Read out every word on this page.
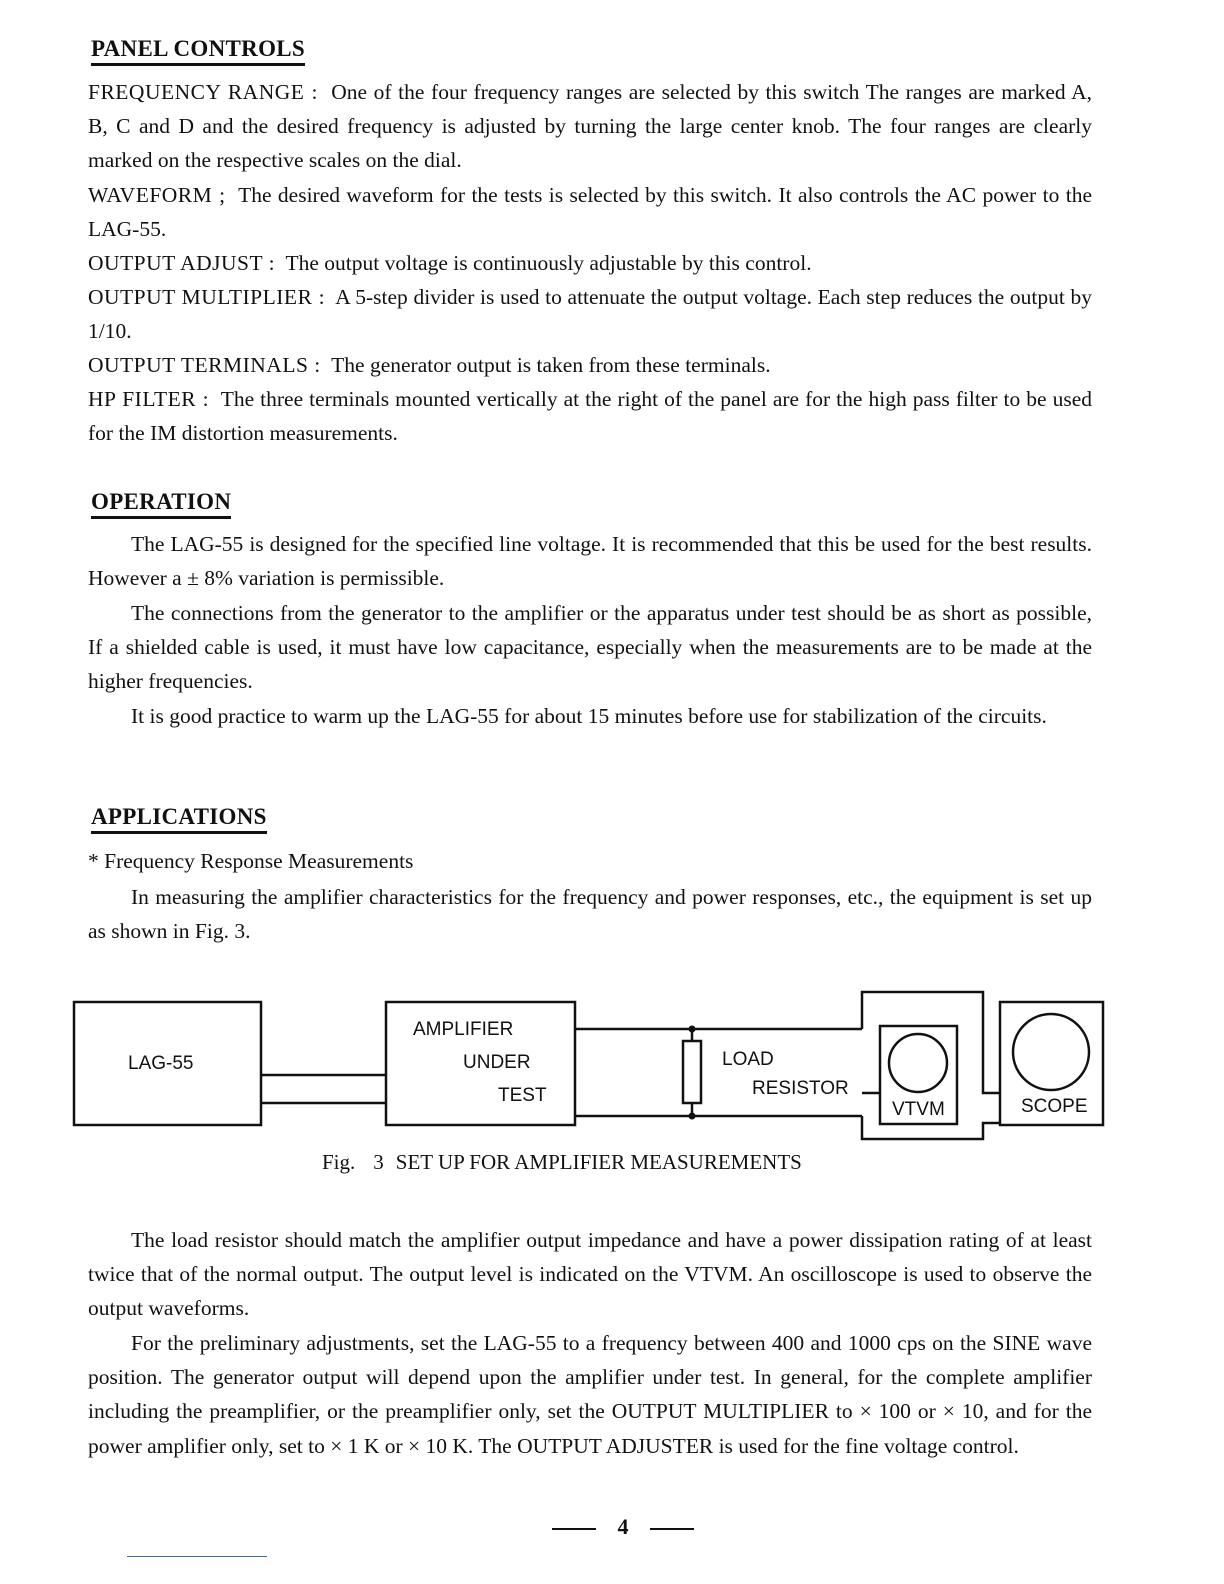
PANEL CONTROLS

FREQUENCY RANGE : One of the four frequency ranges are selected by this switch The ranges are marked A, B, C and D and the desired frequency is adjusted by turning the large center knob. The four ranges are clearly marked on the respective scales on the dial.

WAVEFORM ; The desired waveform for the tests is selected by this switch. It also controls the AC power to the LAG-55.

OUTPUT ADJUST : The output voltage is continuously adjustable by this control.

OUTPUT MULTIPLIER : A 5-step divider is used to attenuate the output voltage. Each step reduces the output by 1/10.

OUTPUT TERMINALS : The generator output is taken from these terminals.

HP FILTER : The three terminals mounted vertically at the right of the panel are for the high pass filter to be used for the IM distortion measurements.

OPERATION

The LAG-55 is designed for the specified line voltage. It is recommended that this be used for the best results. However a ± 8% variation is permissible.

The connections from the generator to the amplifier or the apparatus under test should be as short as possible, If a shielded cable is used, it must have low capacitance, especially when the measurements are to be made at the higher frequencies.

It is good practice to warm up the LAG-55 for about 15 minutes before use for stabilization of the circuits.

APPLICATIONS

* Frequency Response Measurements

In measuring the amplifier characteristics for the frequency and power responses, etc., the equipment is set up as shown in Fig. 3.

LAG-55
AMPLIFIER
UNDER
TEST
LOAD
RESISTOR
VTVM	SCOPE
Fig. 3 SET UP FOR AMPLIFIER MEASUREMENTS

The load resistor should match the amplifier output impedance and have a power dissipation rating of at least twice that of the normal output. The output level is indicated on the VTVM. An oscilloscope is used to observe the output waveforms.

For the preliminary adjustments, set the LAG-55 to a frequency between 400 and 1000 cps on the SINE wave position. The generator output will depend upon the amplifier under test. In general, for the complete amplifier including the preamplifier, or the preamplifier only, set the OUTPUT MULTIPLIER to × 100 or × 10, and for the power amplifier only, set to × 1 K or × 10 K. The OUTPUT ADJUSTER is used for the fine voltage control.

4
